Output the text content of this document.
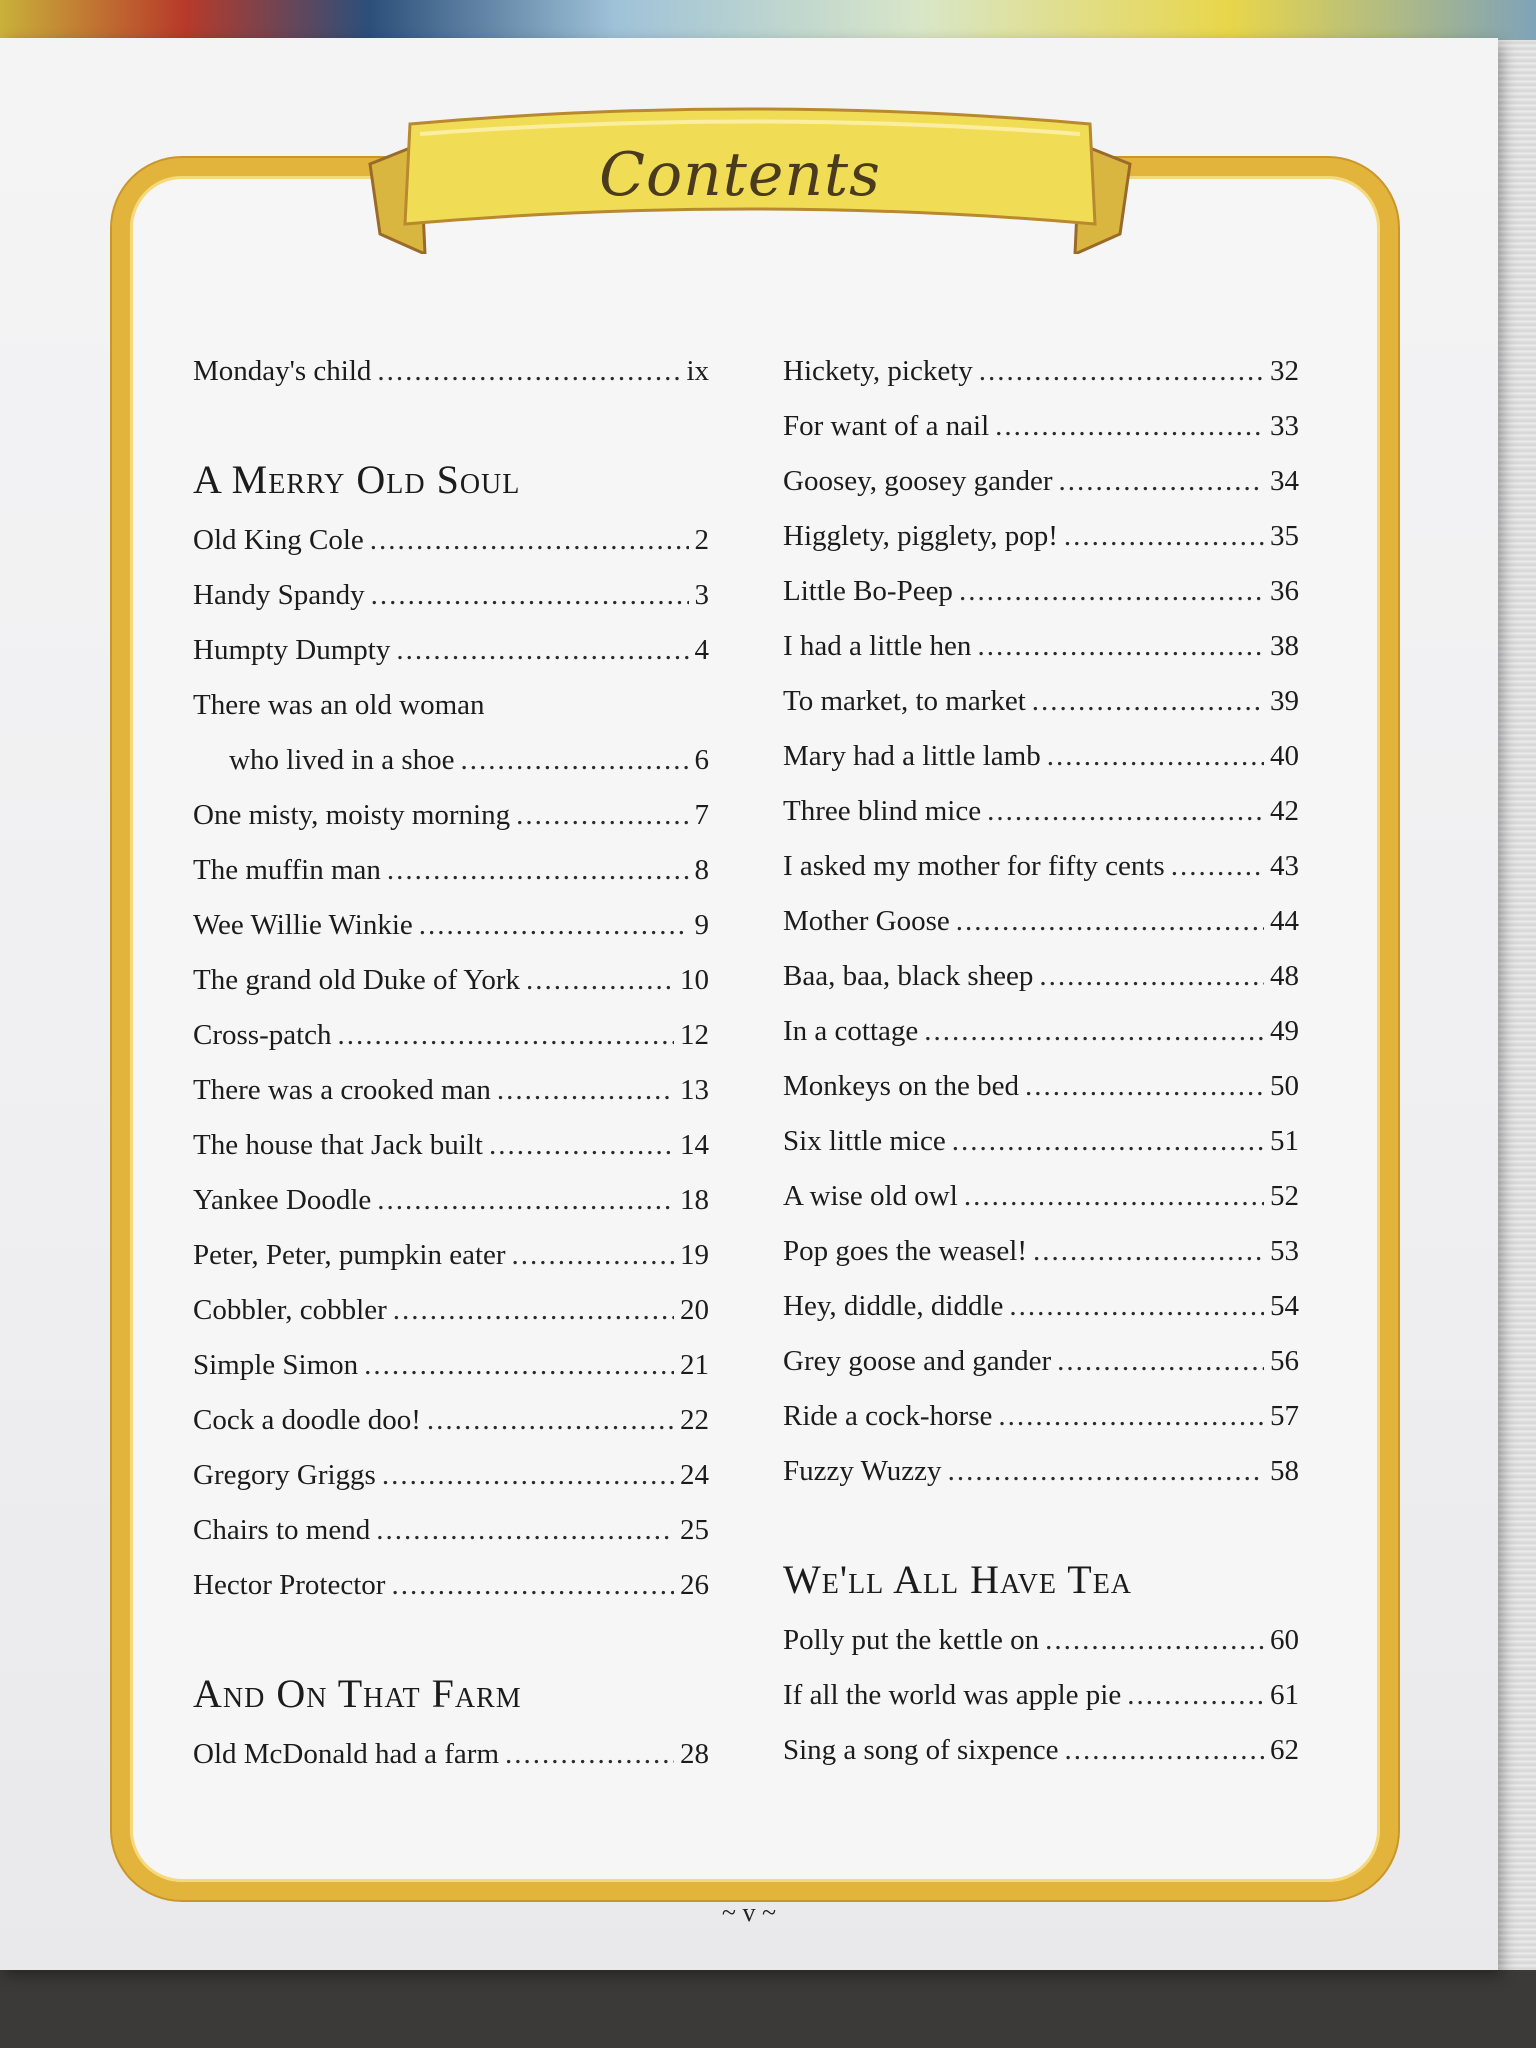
Contents
Monday's child .....	ix
A Merry Old Soul
Old King Cole .....	2
Handy Spandy .....	3
Humpty Dumpty .....	4
There was an old woman
who lived in a shoe .....	6
One misty, moisty morning .....	7
The muffin man .....	8
Wee Willie Winkie .....	9
The grand old Duke of York .....	10
Cross-patch .....	12
There was a crooked man .....	13
The house that Jack built .....	14
Yankee Doodle .....	18
Peter, Peter, pumpkin eater .....	19
Cobbler, cobbler .....	20
Simple Simon .....	21
Cock a doodle doo! .....	22
Gregory Griggs .....	24
Chairs to mend .....	25
Hector Protector .....	26
And On That Farm
Old McDonald had a farm .....	28
Hickety, pickety .....	32
For want of a nail .....	33
Goosey, goosey gander .....	34
Higglety, pigglety, pop! .....	35
Little Bo-Peep .....	36
I had a little hen .....	38
To market, to market .....	39
Mary had a little lamb .....	40
Three blind mice .....	42
I asked my mother for fifty cents .....	43
Mother Goose .....	44
Baa, baa, black sheep .....	48
In a cottage .....	49
Monkeys on the bed .....	50
Six little mice .....	51
A wise old owl .....	52
Pop goes the weasel! .....	53
Hey, diddle, diddle .....	54
Grey goose and gander .....	56
Ride a cock-horse .....	57
Fuzzy Wuzzy .....	58
We'll All Have Tea
Polly put the kettle on .....	60
If all the world was apple pie .....	61
Sing a song of sixpence .....	62
~ v ~
